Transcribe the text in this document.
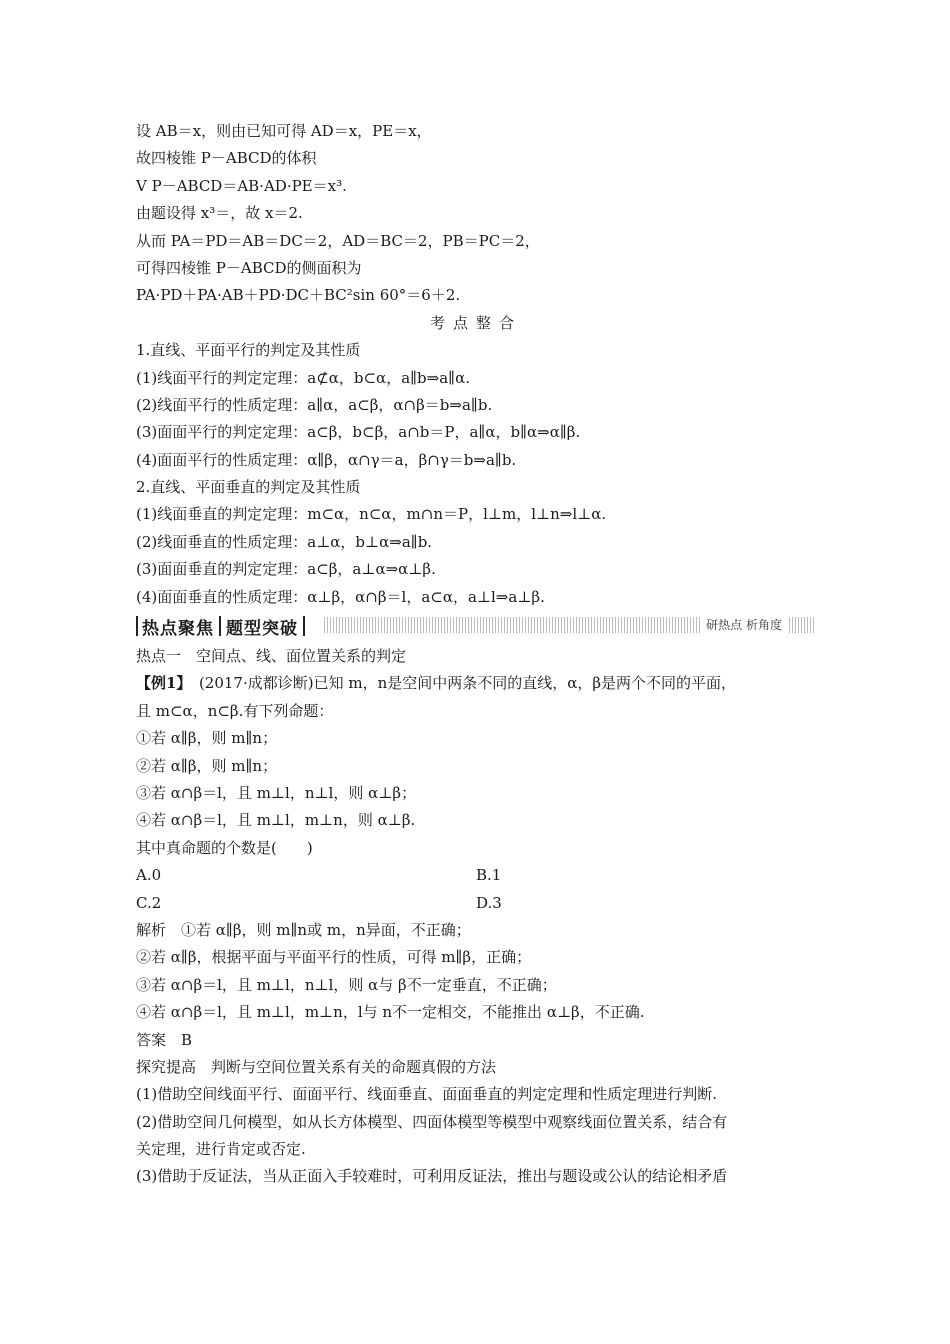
设 AB＝x，则由已知可得 AD＝x，PE＝x，
故四棱锥 P－ABCD的体积
V P－ABCD＝AB·AD·PE＝x³.
由题设得 x³＝，故 x＝2.
从而 PA＝PD＝AB＝DC＝2，AD＝BC＝2，PB＝PC＝2，
可得四棱锥 P－ABCD的侧面积为
PA·PD＋PA·AB＋PD·DC＋BC²sin 60°＝6＋2.
考点整合
1.直线、平面平行的判定及其性质
(1)线面平行的判定定理：a⊄α，b⊂α，a∥b⇒a∥α.
(2)线面平行的性质定理：a∥α，a⊂β，α∩β＝b⇒a∥b.
(3)面面平行的判定定理：a⊂β，b⊂β，a∩b＝P，a∥α，b∥α⇒α∥β.
(4)面面平行的性质定理：α∥β，α∩γ＝a，β∩γ＝b⇒a∥b.
2.直线、平面垂直的判定及其性质
(1)线面垂直的判定定理：m⊂α，n⊂α，m∩n＝P，l⊥m，l⊥n⇒l⊥α.
(2)线面垂直的性质定理：a⊥α，b⊥α⇒a∥b.
(3)面面垂直的判定定理：a⊂β，a⊥α⇒α⊥β.
(4)面面垂直的性质定理：α⊥β，α∩β＝l，a⊂α，a⊥l⇒a⊥β.
热点聚焦 题型突破	研热点 析角度
热点一　空间点、线、面位置关系的判定
【例1】　(2017·成都诊断)已知 m，n是空间中两条不同的直线，α，β是两个不同的平面，
且 m⊂α，n⊂β.有下列命题：
①若 α∥β，则 m∥n；
②若 α∥β，则 m∥n；
③若 α∩β＝l，且 m⊥l，n⊥l，则 α⊥β；
④若 α∩β＝l，且 m⊥l，m⊥n，则 α⊥β.
其中真命题的个数是(　　)
A.0	B.1
C.2	D.3
解析　①若 α∥β，则 m∥n或 m，n异面，不正确；
②若 α∥β，根据平面与平面平行的性质，可得 m∥β，正确；
③若 α∩β＝l，且 m⊥l，n⊥l，则 α与 β不一定垂直，不正确；
④若 α∩β＝l，且 m⊥l，m⊥n，l与 n不一定相交，不能推出 α⊥β，不正确.
答案　B
探究提高　判断与空间位置关系有关的命题真假的方法
(1)借助空间线面平行、面面平行、线面垂直、面面垂直的判定定理和性质定理进行判断.
(2)借助空间几何模型，如从长方体模型、四面体模型等模型中观察线面位置关系，结合有
关定理，进行肯定或否定.
(3)借助于反证法，当从正面入手较难时，可利用反证法，推出与题设或公认的结论相矛盾
